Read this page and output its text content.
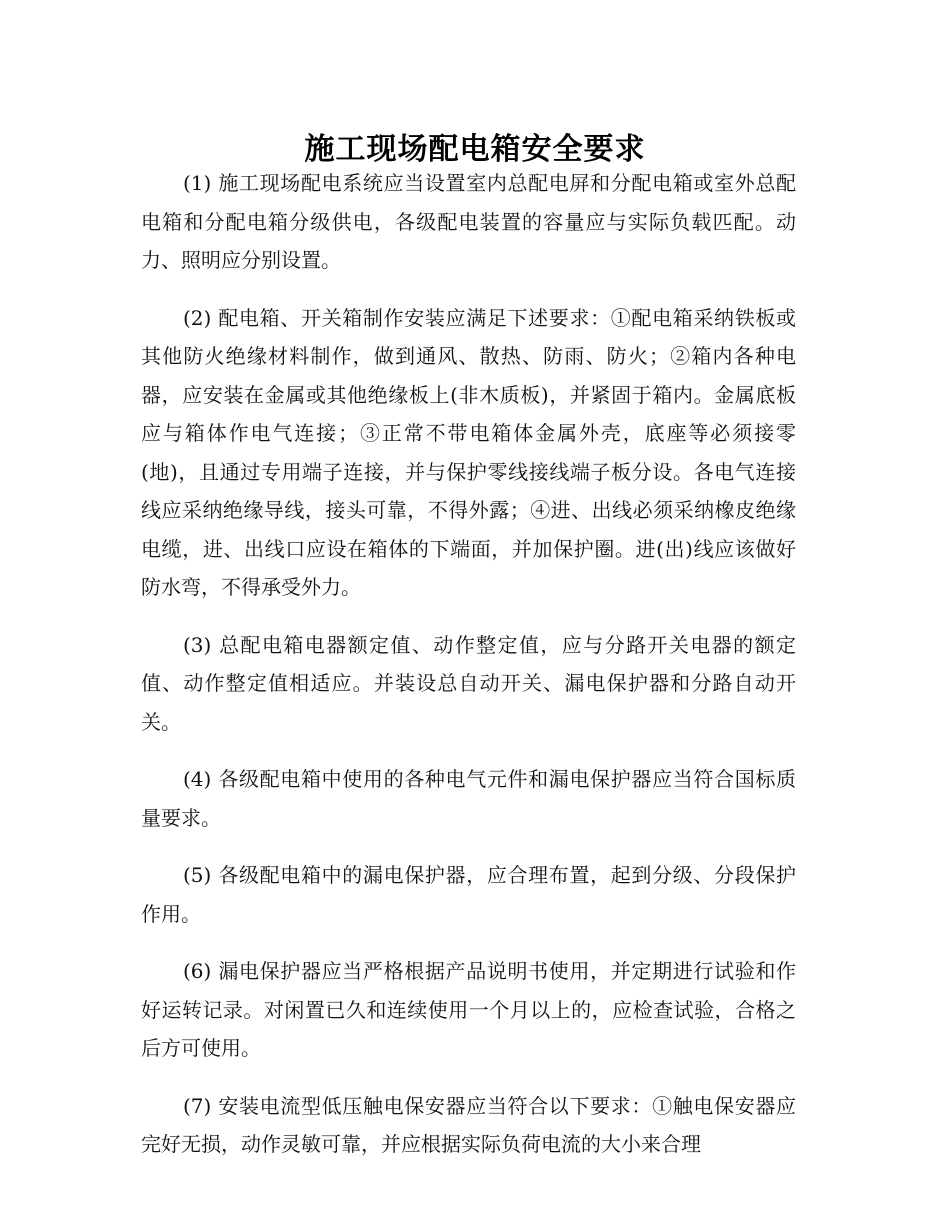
施工现场配电箱安全要求

(1) 施工现场配电系统应当设置室内总配电屏和分配电箱或室外总配电箱和分配电箱分级供电，各级配电装置的容量应与实际负载匹配。动力、照明应分别设置。

(2) 配电箱、开关箱制作安装应满足下述要求：①配电箱采纳铁板或其他防火绝缘材料制作，做到通风、散热、防雨、防火；②箱内各种电器，应安装在金属或其他绝缘板上(非木质板)，并紧固于箱内。金属底板应与箱体作电气连接；③正常不带电箱体金属外壳，底座等必须接零(地)，且通过专用端子连接，并与保护零线接线端子板分设。各电气连接线应采纳绝缘导线，接头可靠，不得外露；④进、出线必须采纳橡皮绝缘电缆，进、出线口应设在箱体的下端面，并加保护圈。进(出)线应该做好防水弯，不得承受外力。

(3) 总配电箱电器额定值、动作整定值，应与分路开关电器的额定值、动作整定值相适应。并装设总自动开关、漏电保护器和分路自动开关。

(4) 各级配电箱中使用的各种电气元件和漏电保护器应当符合国标质量要求。

(5) 各级配电箱中的漏电保护器，应合理布置，起到分级、分段保护作用。

(6) 漏电保护器应当严格根据产品说明书使用，并定期进行试验和作好运转记录。对闲置已久和连续使用一个月以上的，应检查试验，合格之后方可使用。

(7) 安装电流型低压触电保安器应当符合以下要求：①触电保安器应完好无损，动作灵敏可靠，并应根据实际负荷电流的大小来合理
